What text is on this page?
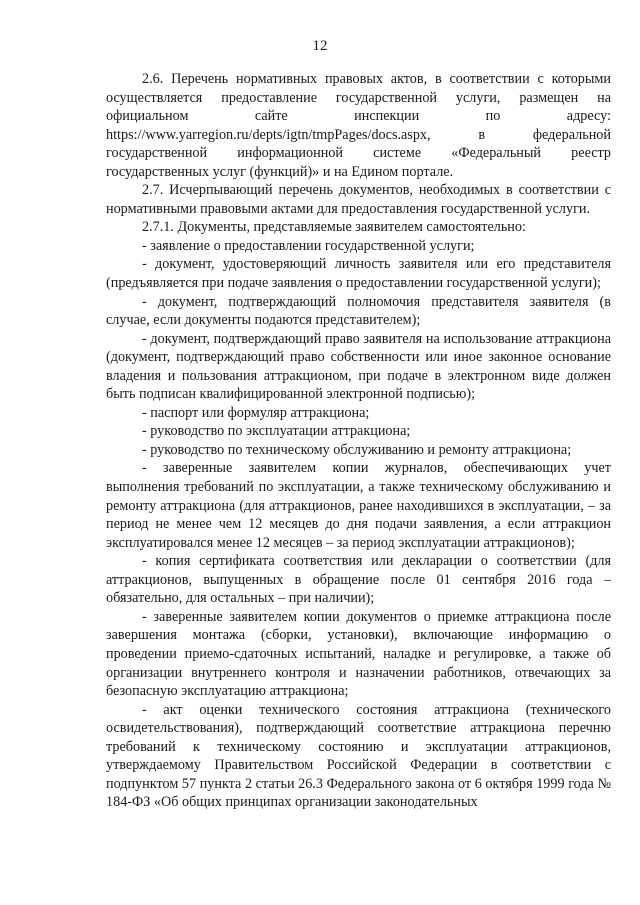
12

2.6. Перечень нормативных правовых актов, в соответствии с которыми осуществляется предоставление государственной услуги, размещен на официальном сайте инспекции по адресу: https://www.yarregion.ru/depts/igtn/tmpPages/docs.aspx, в федеральной государственной информационной системе «Федеральный реестр государственных услуг (функций)» и на Едином портале.

2.7. Исчерпывающий перечень документов, необходимых в соответствии с нормативными правовыми актами для предоставления государственной услуги.

2.7.1. Документы, представляемые заявителем самостоятельно:

- заявление о предоставлении государственной услуги;

- документ, удостоверяющий личность заявителя или его представителя (предъявляется при подаче заявления о предоставлении государственной услуги);

- документ, подтверждающий полномочия представителя заявителя (в случае, если документы подаются представителем);

- документ, подтверждающий право заявителя на использование аттракциона (документ, подтверждающий право собственности или иное законное основание владения и пользования аттракционом, при подаче в электронном виде должен быть подписан квалифицированной электронной подписью);

- паспорт или формуляр аттракциона;

- руководство по эксплуатации аттракциона;

- руководство по техническому обслуживанию и ремонту аттракциона;

- заверенные заявителем копии журналов, обеспечивающих учет выполнения требований по эксплуатации, а также техническому обслуживанию и ремонту аттракциона (для аттракционов, ранее находившихся в эксплуатации, – за период не менее чем 12 месяцев до дня подачи заявления, а если аттракцион эксплуатировался менее 12 месяцев – за период эксплуатации аттракционов);

- копия сертификата соответствия или декларации о соответствии (для аттракционов, выпущенных в обращение после 01 сентября 2016 года – обязательно, для остальных – при наличии);

- заверенные заявителем копии документов о приемке аттракциона после завершения монтажа (сборки, установки), включающие информацию о проведении приемо-сдаточных испытаний, наладке и регулировке, а также об организации внутреннего контроля и назначении работников, отвечающих за безопасную эксплуатацию аттракциона;

- акт оценки технического состояния аттракциона (технического освидетельствования), подтверждающий соответствие аттракциона перечню требований к техническому состоянию и эксплуатации аттракционов, утверждаемому Правительством Российской Федерации в соответствии с подпунктом 57 пункта 2 статьи 26.3 Федерального закона от 6 октября 1999 года № 184-ФЗ «Об общих принципах организации законодательных
